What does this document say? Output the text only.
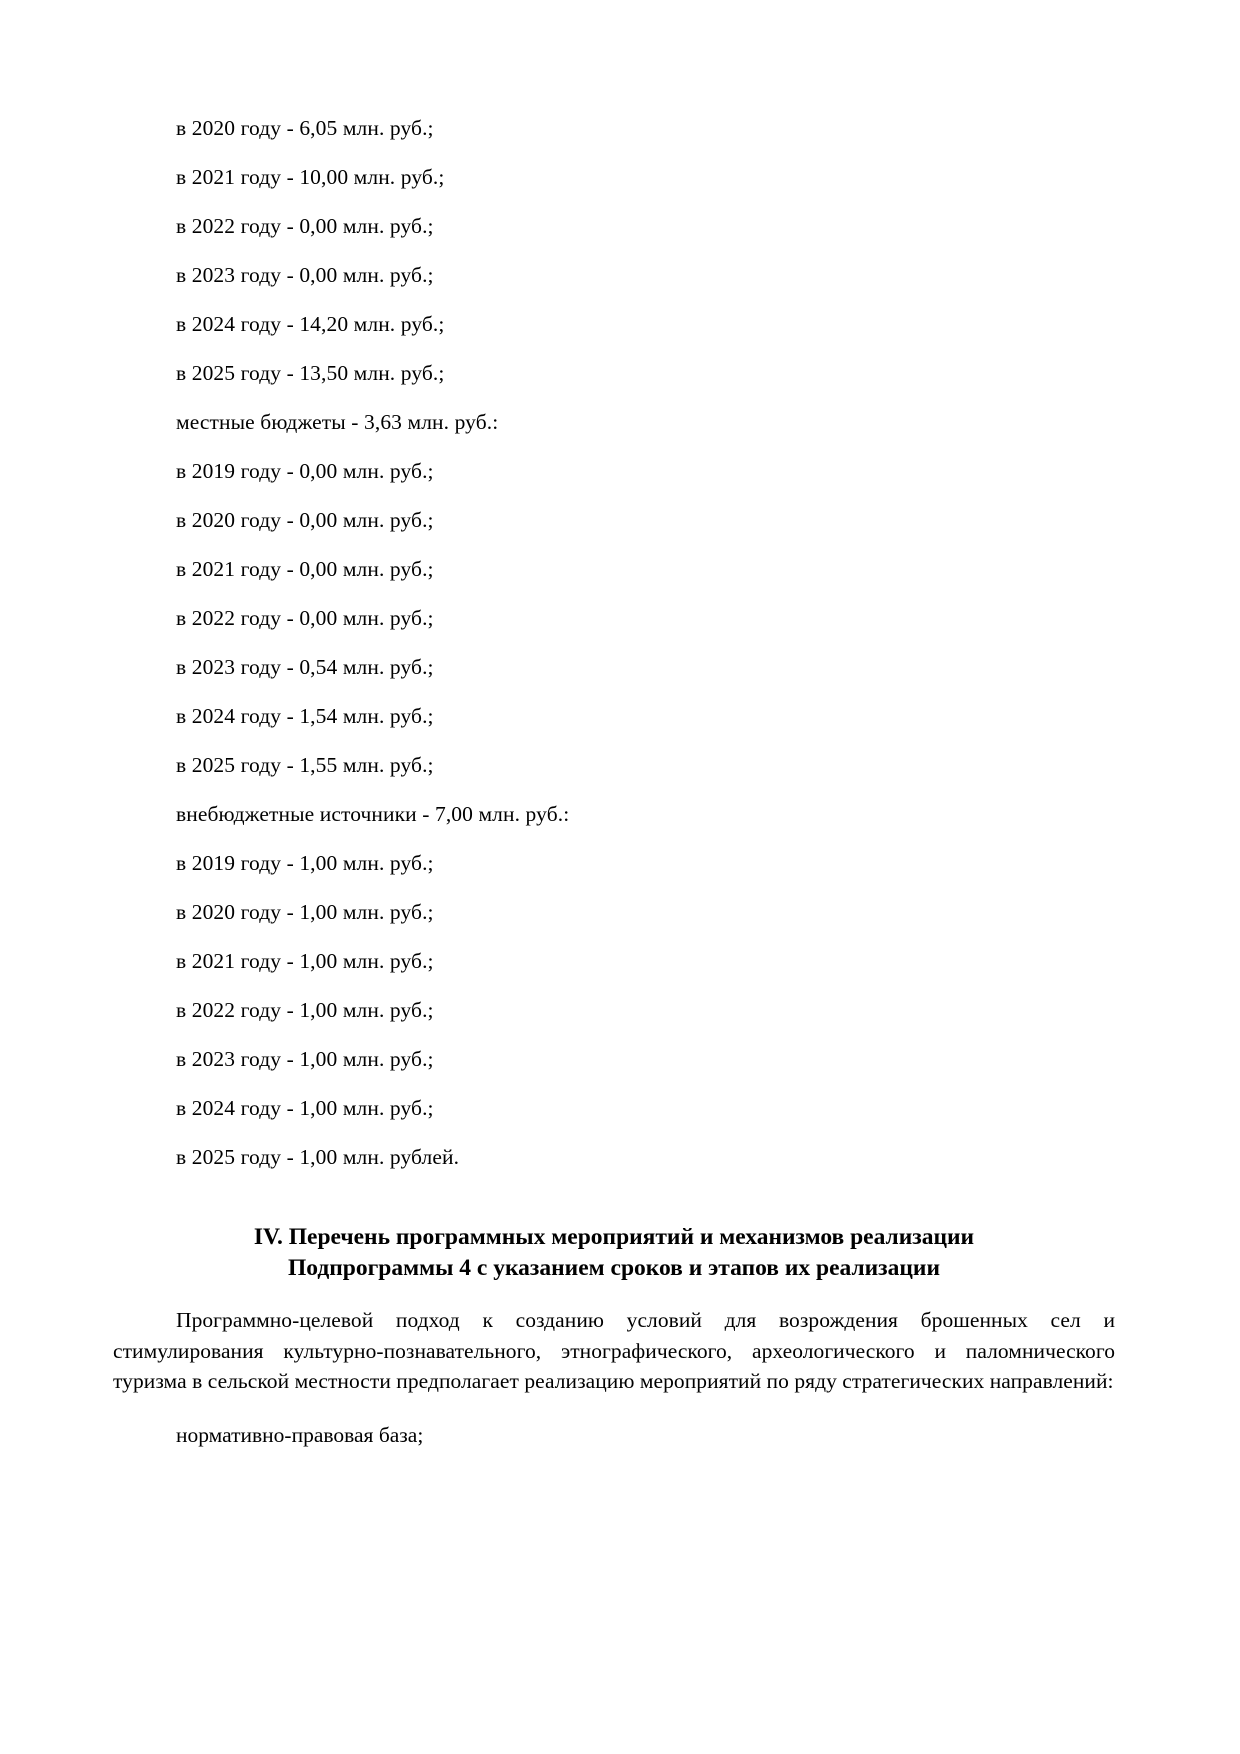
в 2020 году - 6,05 млн. руб.;
в 2021 году - 10,00 млн. руб.;
в 2022 году - 0,00 млн. руб.;
в 2023 году - 0,00 млн. руб.;
в 2024 году - 14,20 млн. руб.;
в 2025 году - 13,50 млн. руб.;
местные бюджеты - 3,63 млн. руб.:
в 2019 году - 0,00 млн. руб.;
в 2020 году - 0,00 млн. руб.;
в 2021 году - 0,00 млн. руб.;
в 2022 году - 0,00 млн. руб.;
в 2023 году - 0,54 млн. руб.;
в 2024 году - 1,54 млн. руб.;
в 2025 году - 1,55 млн. руб.;
внебюджетные источники - 7,00 млн. руб.:
в 2019 году - 1,00 млн. руб.;
в 2020 году - 1,00 млн. руб.;
в 2021 году - 1,00 млн. руб.;
в 2022 году - 1,00 млн. руб.;
в 2023 году - 1,00 млн. руб.;
в 2024 году - 1,00 млн. руб.;
в 2025 году - 1,00 млн. рублей.
IV. Перечень программных мероприятий и механизмов реализации
Подпрограммы 4 с указанием сроков и этапов их реализации

Программно-целевой подход к созданию условий для возрождения брошенных сел и стимулирования культурно-познавательного, этнографического, археологического и паломнического туризма в сельской местности предполагает реализацию мероприятий по ряду стратегических направлений:

нормативно-правовая база;
